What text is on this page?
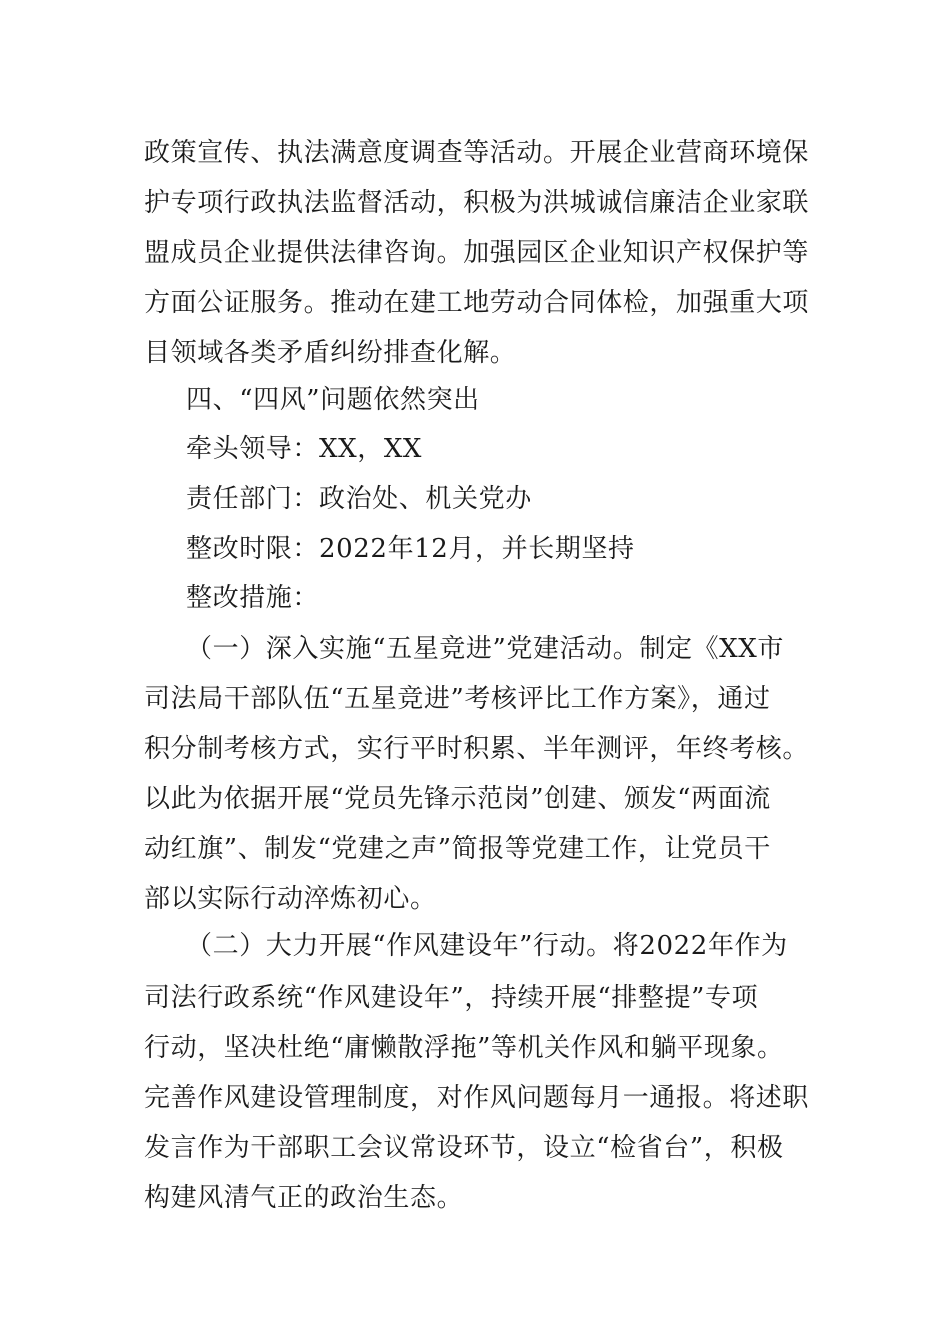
政策宣传、执法满意度调查等活动。开展企业营商环境保
护专项行政执法监督活动，积极为洪城诚信廉洁企业家联
盟成员企业提供法律咨询。加强园区企业知识产权保护等
方面公证服务。推动在建工地劳动合同体检，加强重大项
目领域各类矛盾纠纷排查化解。
四、“四风”问题依然突出
牵头领导：XX，XX
责任部门：政治处、机关党办
整改时限：2022年12月，并长期坚持
整改措施：
（一）深入实施“五星竞进”党建活动。制定《XX市
司法局干部队伍“五星竞进”考核评比工作方案》，通过
积分制考核方式，实行平时积累、半年测评，年终考核。
以此为依据开展“党员先锋示范岗”创建、颁发“两面流
动红旗”、制发“党建之声”简报等党建工作，让党员干
部以实际行动淬炼初心。
（二）大力开展“作风建设年”行动。将2022年作为
司法行政系统“作风建设年”，持续开展“排整提”专项
行动，坚决杜绝“庸懒散浮拖”等机关作风和躺平现象。
完善作风建设管理制度，对作风问题每月一通报。将述职
发言作为干部职工会议常设环节，设立“检省台”，积极
构建风清气正的政治生态。
